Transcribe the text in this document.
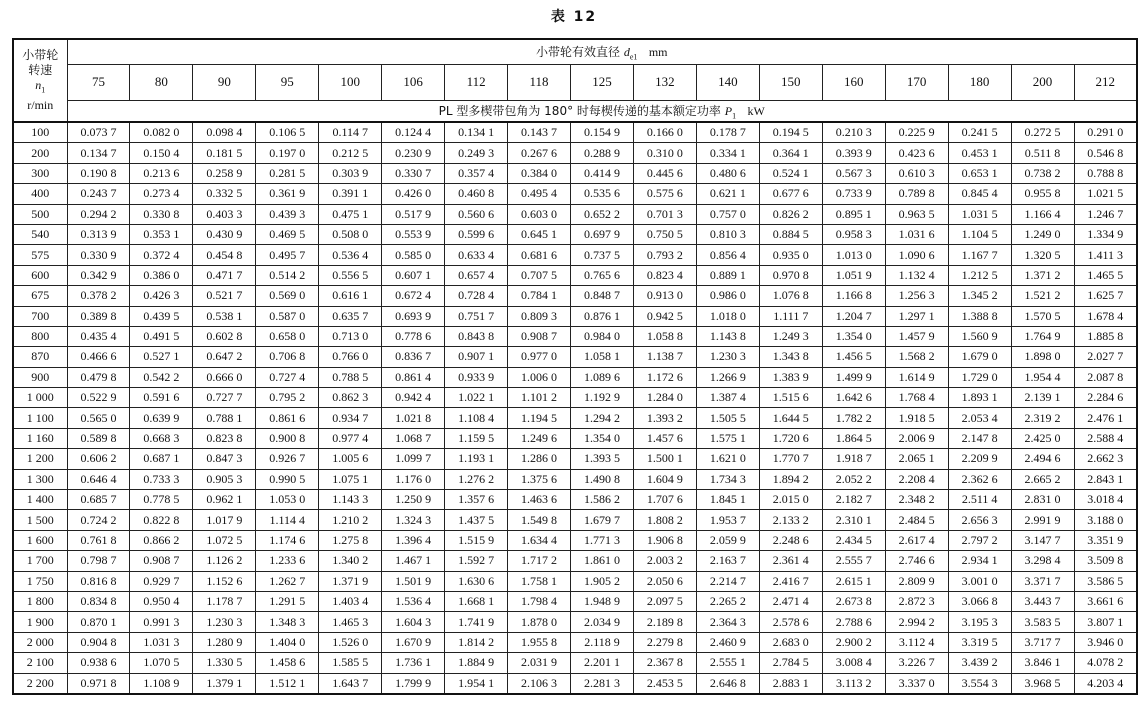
表 12
小带轮
转速
$n_1$
r/min	小带轮有效直径 $d_{e1}$ mm																
	75	80	90	95	100	106	112	118	125	132	140	150	160	170	180	200	212
	PL 型多楔带包角为 180° 时每楔传递的基本额定功率 $P_1$ kW																
100	0.073 7	0.082 0	0.098 4	0.106 5	0.114 7	0.124 4	0.134 1	0.143 7	0.154 9	0.166 0	0.178 7	0.194 5	0.210 3	0.225 9	0.241 5	0.272 5	0.291 0
200	0.134 7	0.150 4	0.181 5	0.197 0	0.212 5	0.230 9	0.249 3	0.267 6	0.288 9	0.310 0	0.334 1	0.364 1	0.393 9	0.423 6	0.453 1	0.511 8	0.546 8
300	0.190 8	0.213 6	0.258 9	0.281 5	0.303 9	0.330 7	0.357 4	0.384 0	0.414 9	0.445 6	0.480 6	0.524 1	0.567 3	0.610 3	0.653 1	0.738 2	0.788 8
400	0.243 7	0.273 4	0.332 5	0.361 9	0.391 1	0.426 0	0.460 8	0.495 4	0.535 6	0.575 6	0.621 1	0.677 6	0.733 9	0.789 8	0.845 4	0.955 8	1.021 5
500	0.294 2	0.330 8	0.403 3	0.439 3	0.475 1	0.517 9	0.560 6	0.603 0	0.652 2	0.701 3	0.757 0	0.826 2	0.895 1	0.963 5	1.031 5	1.166 4	1.246 7
540	0.313 9	0.353 1	0.430 9	0.469 5	0.508 0	0.553 9	0.599 6	0.645 1	0.697 9	0.750 5	0.810 3	0.884 5	0.958 3	1.031 6	1.104 5	1.249 0	1.334 9
575	0.330 9	0.372 4	0.454 8	0.495 7	0.536 4	0.585 0	0.633 4	0.681 6	0.737 5	0.793 2	0.856 4	0.935 0	1.013 0	1.090 6	1.167 7	1.320 5	1.411 3
600	0.342 9	0.386 0	0.471 7	0.514 2	0.556 5	0.607 1	0.657 4	0.707 5	0.765 6	0.823 4	0.889 1	0.970 8	1.051 9	1.132 4	1.212 5	1.371 2	1.465 5
675	0.378 2	0.426 3	0.521 7	0.569 0	0.616 1	0.672 4	0.728 4	0.784 1	0.848 7	0.913 0	0.986 0	1.076 8	1.166 8	1.256 3	1.345 2	1.521 2	1.625 7
700	0.389 8	0.439 5	0.538 1	0.587 0	0.635 7	0.693 9	0.751 7	0.809 3	0.876 1	0.942 5	1.018 0	1.111 7	1.204 7	1.297 1	1.388 8	1.570 5	1.678 4
800	0.435 4	0.491 5	0.602 8	0.658 0	0.713 0	0.778 6	0.843 8	0.908 7	0.984 0	1.058 8	1.143 8	1.249 3	1.354 0	1.457 9	1.560 9	1.764 9	1.885 8
870	0.466 6	0.527 1	0.647 2	0.706 8	0.766 0	0.836 7	0.907 1	0.977 0	1.058 1	1.138 7	1.230 3	1.343 8	1.456 5	1.568 2	1.679 0	1.898 0	2.027 7
900	0.479 8	0.542 2	0.666 0	0.727 4	0.788 5	0.861 4	0.933 9	1.006 0	1.089 6	1.172 6	1.266 9	1.383 9	1.499 9	1.614 9	1.729 0	1.954 4	2.087 8
1 000	0.522 9	0.591 6	0.727 7	0.795 2	0.862 3	0.942 4	1.022 1	1.101 2	1.192 9	1.284 0	1.387 4	1.515 6	1.642 6	1.768 4	1.893 1	2.139 1	2.284 6
1 100	0.565 0	0.639 9	0.788 1	0.861 6	0.934 7	1.021 8	1.108 4	1.194 5	1.294 2	1.393 2	1.505 5	1.644 5	1.782 2	1.918 5	2.053 4	2.319 2	2.476 1
1 160	0.589 8	0.668 3	0.823 8	0.900 8	0.977 4	1.068 7	1.159 5	1.249 6	1.354 0	1.457 6	1.575 1	1.720 6	1.864 5	2.006 9	2.147 8	2.425 0	2.588 4
1 200	0.606 2	0.687 1	0.847 3	0.926 7	1.005 6	1.099 7	1.193 1	1.286 0	1.393 5	1.500 1	1.621 0	1.770 7	1.918 7	2.065 1	2.209 9	2.494 6	2.662 3
1 300	0.646 4	0.733 3	0.905 3	0.990 5	1.075 1	1.176 0	1.276 2	1.375 6	1.490 8	1.604 9	1.734 3	1.894 2	2.052 2	2.208 4	2.362 6	2.665 2	2.843 1
1 400	0.685 7	0.778 5	0.962 1	1.053 0	1.143 3	1.250 9	1.357 6	1.463 6	1.586 2	1.707 6	1.845 1	2.015 0	2.182 7	2.348 2	2.511 4	2.831 0	3.018 4
1 500	0.724 2	0.822 8	1.017 9	1.114 4	1.210 2	1.324 3	1.437 5	1.549 8	1.679 7	1.808 2	1.953 7	2.133 2	2.310 1	2.484 5	2.656 3	2.991 9	3.188 0
1 600	0.761 8	0.866 2	1.072 5	1.174 6	1.275 8	1.396 4	1.515 9	1.634 4	1.771 3	1.906 8	2.059 9	2.248 6	2.434 5	2.617 4	2.797 2	3.147 7	3.351 9
1 700	0.798 7	0.908 7	1.126 2	1.233 6	1.340 2	1.467 1	1.592 7	1.717 2	1.861 0	2.003 2	2.163 7	2.361 4	2.555 7	2.746 6	2.934 1	3.298 4	3.509 8
1 750	0.816 8	0.929 7	1.152 6	1.262 7	1.371 9	1.501 9	1.630 6	1.758 1	1.905 2	2.050 6	2.214 7	2.416 7	2.615 1	2.809 9	3.001 0	3.371 7	3.586 5
1 800	0.834 8	0.950 4	1.178 7	1.291 5	1.403 4	1.536 4	1.668 1	1.798 4	1.948 9	2.097 5	2.265 2	2.471 4	2.673 8	2.872 3	3.066 8	3.443 7	3.661 6
1 900	0.870 1	0.991 3	1.230 3	1.348 3	1.465 3	1.604 3	1.741 9	1.878 0	2.034 9	2.189 8	2.364 3	2.578 6	2.788 6	2.994 2	3.195 3	3.583 5	3.807 1
2 000	0.904 8	1.031 3	1.280 9	1.404 0	1.526 0	1.670 9	1.814 2	1.955 8	2.118 9	2.279 8	2.460 9	2.683 0	2.900 2	3.112 4	3.319 5	3.717 7	3.946 0
2 100	0.938 6	1.070 5	1.330 5	1.458 6	1.585 5	1.736 1	1.884 9	2.031 9	2.201 1	2.367 8	2.555 1	2.784 5	3.008 4	3.226 7	3.439 2	3.846 1	4.078 2
2 200	0.971 8	1.108 9	1.379 1	1.512 1	1.643 7	1.799 9	1.954 1	2.106 3	2.281 3	2.453 5	2.646 8	2.883 1	3.113 2	3.337 0	3.554 3	3.968 5	4.203 4
